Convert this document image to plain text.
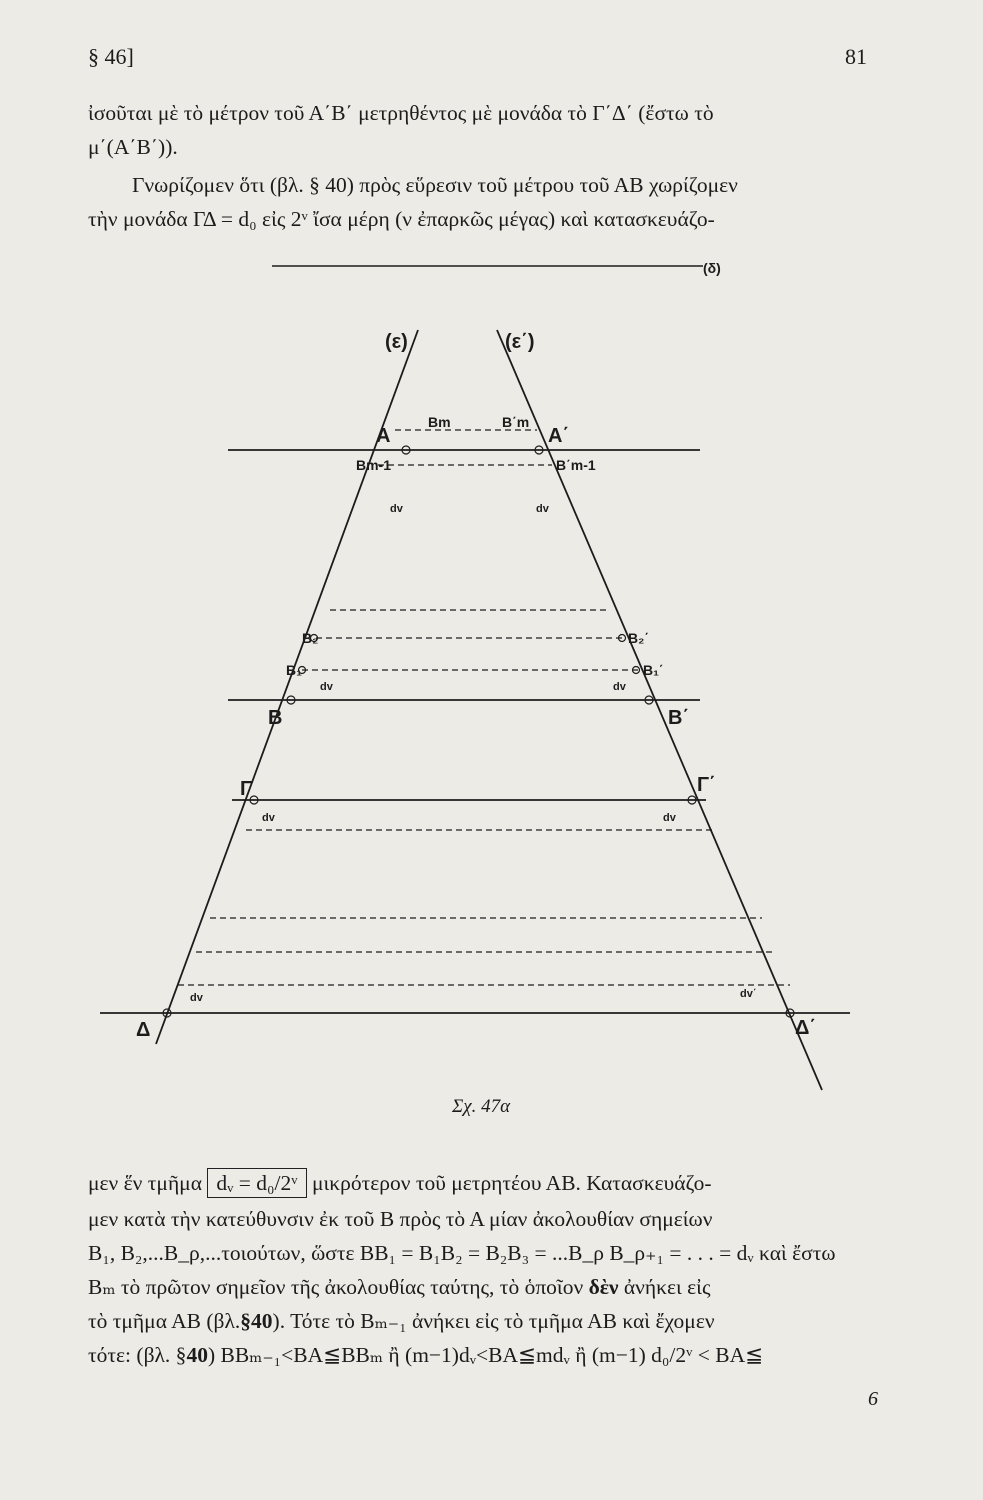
§ 46]	81
ἰσοῦται μὲ τὸ μέτρον τοῦ Α΄Β΄ μετρηθέντος μὲ μονάδα τὸ Γ΄Δ΄ (ἔστω τὸ
μ΄(Α΄Β΄)).
Γνωρίζομεν ὅτι (βλ. § 40) πρὸς εὕρεσιν τοῦ μέτρου τοῦ ΑΒ χωρίζομεν
τὴν μονάδα ΓΔ = d₀ εἰς 2ᵛ ἴσα μέρη (ν ἐπαρκῶς μέγας) καὶ κατασκευάζο-
(δ)
(ε)	(ε΄)
Bm	B΄m
A	A΄
Bm-1	B΄m-1
dv	dv
B₂	B₂΄
B₁	B₁΄
dv	dv
B	B΄
Γ	Γ΄
dv	dv
dv	dv΄
Δ	Δ΄
Σχ. 47α
μεν ἕν τμῆμα dᵥ = d₀/2ᵛ μικρότερον τοῦ μετρητέου ΑΒ. Κατασκευάζο-
μεν κατὰ τὴν κατεύθυνσιν ἐκ τοῦ Β πρὸς τὸ Α μίαν ἀκολουθίαν σημείων
Β₁, Β₂,...Β_ρ,...τοιούτων, ὥστε ΒΒ₁ = Β₁Β₂ = Β₂Β₃ = ...Β_ρ Β_ρ₊₁ = . . . = dᵥ καὶ ἔστω
Βₘ τὸ πρῶτον σημεῖον τῆς ἀκολουθίας ταύτης, τὸ ὁποῖον δὲν ἀνήκει εἰς
τὸ τμῆμα ΑΒ (βλ.§40). Τότε τὸ Βₘ₋₁ ἀνήκει εἰς τὸ τμῆμα ΑΒ καὶ ἔχομεν
τότε: (βλ. §40) ΒΒₘ₋₁<ΒΑ≦ΒΒₘ ἢ (m−1)dᵥ<ΒΑ≦mdᵥ ἢ (m−1) d₀/2ᵛ < ΒΑ≦
6
